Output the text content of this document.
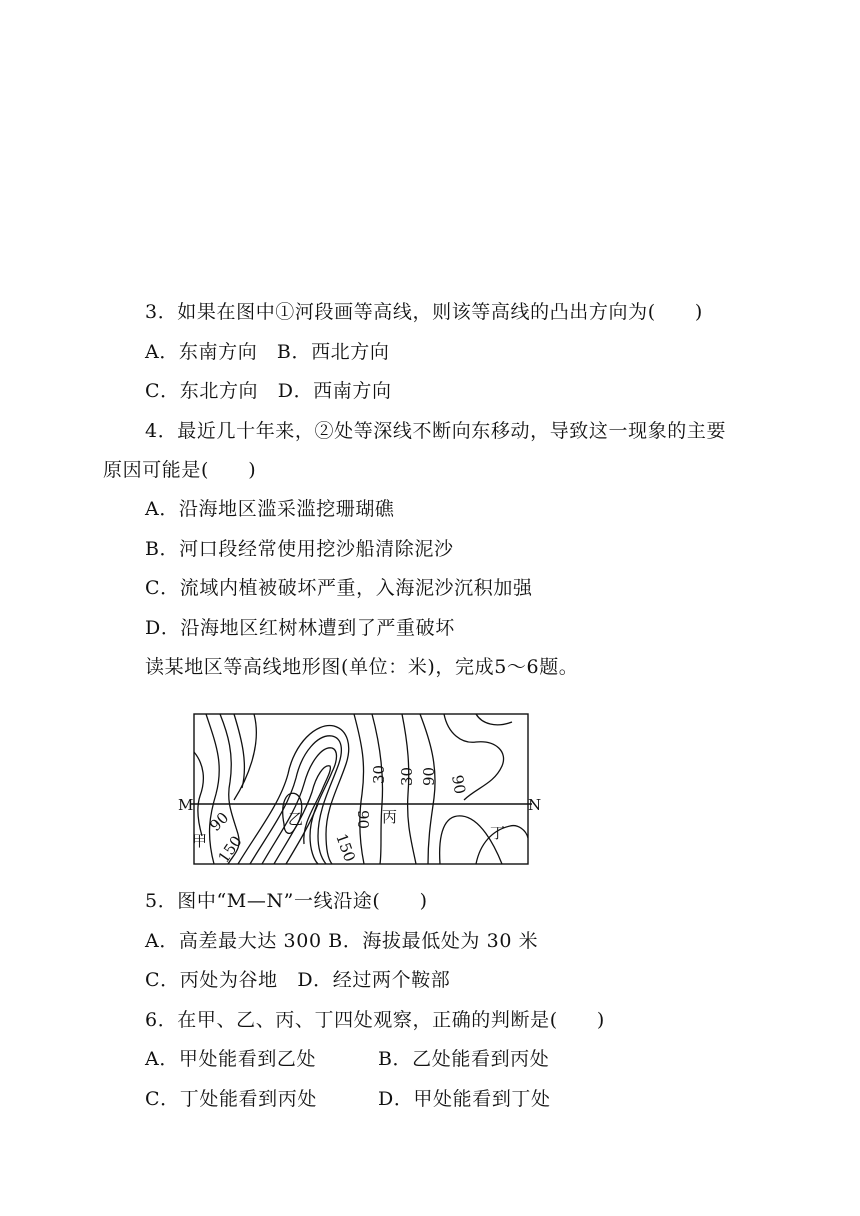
3．如果在图中①河段画等高线，则该等高线的凸出方向为(　　)
A．东南方向　B．西北方向
C．东北方向　D．西南方向
4．最近几十年来，②处等深线不断向东移动，导致这一现象的主要
原因可能是(　　)
A．沿海地区滥采滥挖珊瑚礁
B．河口段经常使用挖沙船清除泥沙
C．流域内植被破坏严重，入海泥沙沉积加强
D．沿海地区红树林遭到了严重破坏
读某地区等高线地形图(单位：米)，完成5～6题。
M	N
甲
乙	丙
丁
90
150
30 30 90 90
90
150
5．图中“M—N”一线沿途(　　)
A．高差最大达 300 B．海拔最低处为 30 米
C．丙处为谷地　D．经过两个鞍部
6．在甲、乙、丙、丁四处观察，正确的判断是(　　)
A．甲处能看到乙处	B．乙处能看到丙处
C．丁处能看到丙处	D．甲处能看到丁处
